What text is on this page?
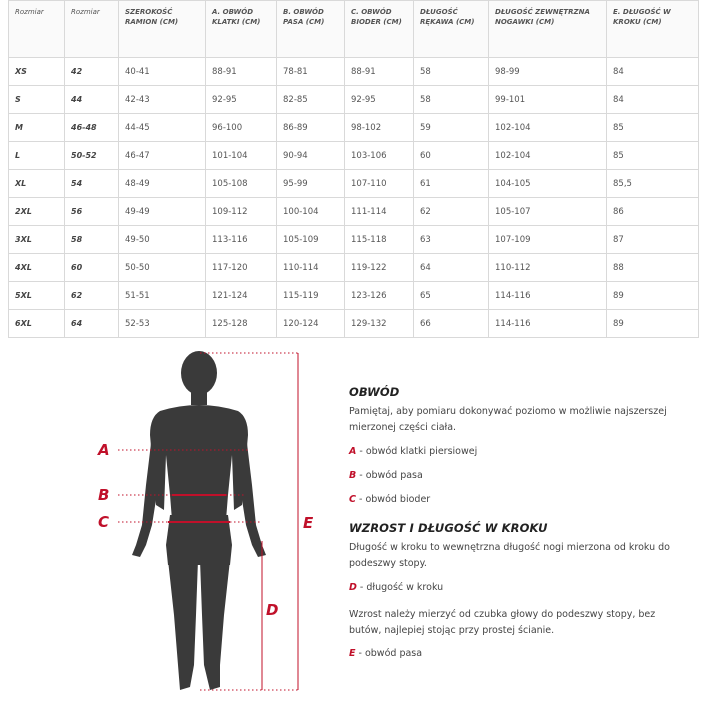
Rozmiar	Rozmiar	SZEROKOŚĆ RAMION (CM)	A. OBWÓD KLATKI (CM)	B. OBWÓD PASA (CM)	C. OBWÓD BIODER (CM)	DŁUGOŚĆ RĘKAWA (CM)	DŁUGOŚĆ ZEWNĘTRZNA NOGAWKI (CM)	E. DŁUGOŚĆ W KROKU (CM)
XS	42	40-41	88-91	78-81	88-91	58	98-99	84
S	44	42-43	92-95	82-85	92-95	58	99-101	84
M	46-48	44-45	96-100	86-89	98-102	59	102-104	85
L	50-52	46-47	101-104	90-94	103-106	60	102-104	85
XL	54	48-49	105-108	95-99	107-110	61	104-105	85,5
2XL	56	49-49	109-112	100-104	111-114	62	105-107	86
3XL	58	49-50	113-116	105-109	115-118	63	107-109	87
4XL	60	50-50	117-120	110-114	119-122	64	110-112	88
5XL	62	51-51	121-124	115-119	123-126	65	114-116	89
6XL	64	52-53	125-128	120-124	129-132	66	114-116	89
A
B
C
D
E
OBWÓD

Pamiętaj, aby pomiaru dokonywać poziomo w możliwie najszerszej mierzonej części ciała.

A - obwód klatki piersiowej
B - obwód pasa
C - obwód bioder
WZROST I DŁUGOŚĆ W KROKU

Długość w kroku to wewnętrzna długość nogi mierzona od kroku do podeszwy stopy.

D - długość w kroku

Wzrost należy mierzyć od czubka głowy do podeszwy stopy, bez butów, najlepiej stojąc przy prostej ścianie.

E - obwód pasa
